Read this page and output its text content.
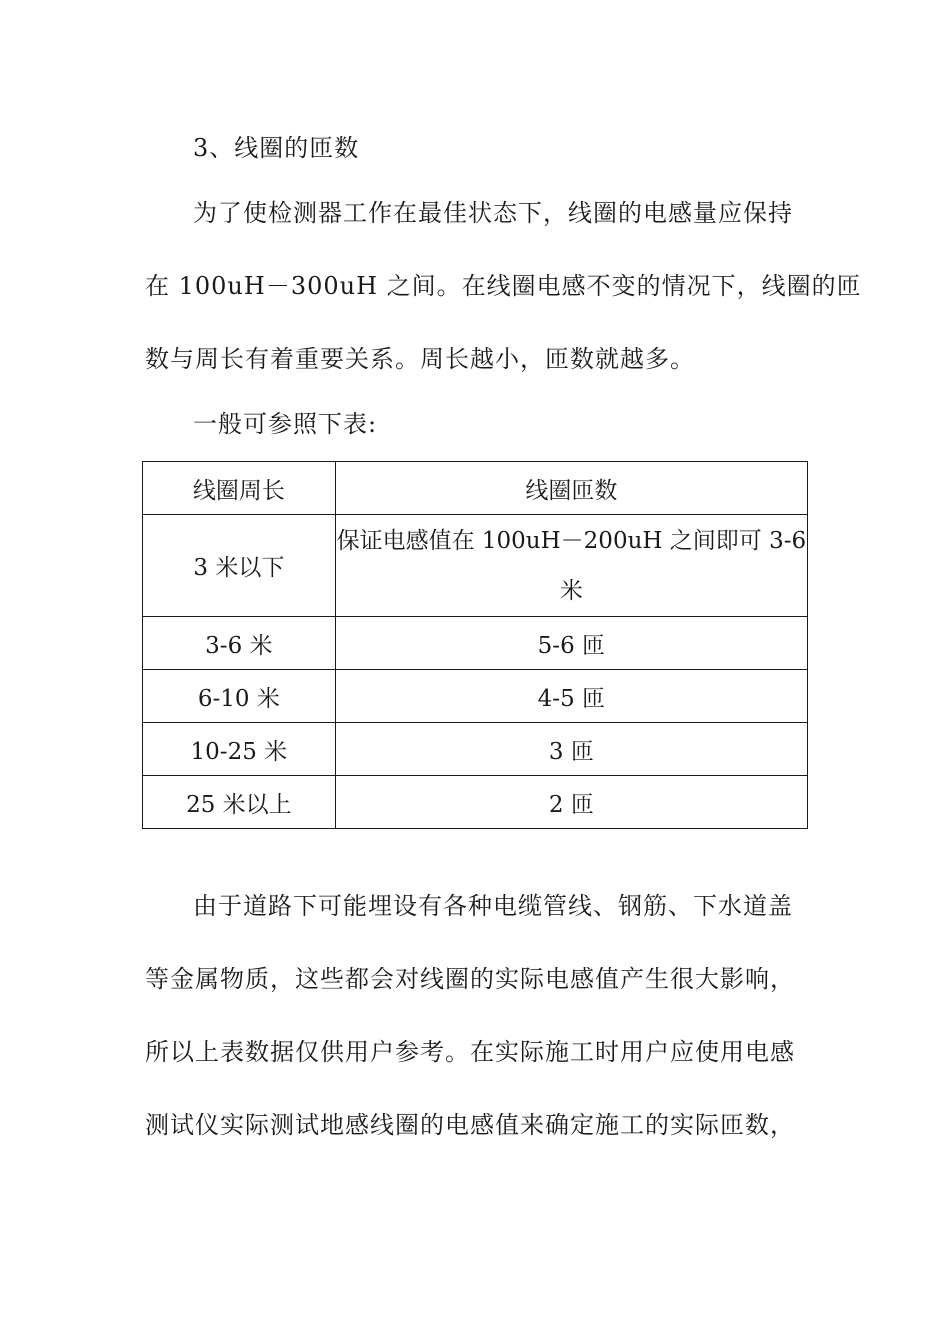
3、线圈的匝数
为了使检测器工作在最佳状态下，线圈的电感量应保持
在 100uH－300uH 之间。在线圈电感不变的情况下，线圈的匝
数与周长有着重要关系。周长越小，匝数就越多。
一般可参照下表:
线圈周长	线圈匝数
3 米以下	保证电感值在 100uH－200uH 之间即可 3-6 米

3-6 米	5-6 匝
6-10 米	4-5 匝
10-25 米	3 匝
25 米以上	2 匝
由于道路下可能埋设有各种电缆管线、钢筋、下水道盖
等金属物质，这些都会对线圈的实际电感值产生很大影响，
所以上表数据仅供用户参考。在实际施工时用户应使用电感
测试仪实际测试地感线圈的电感值来确定施工的实际匝数，
